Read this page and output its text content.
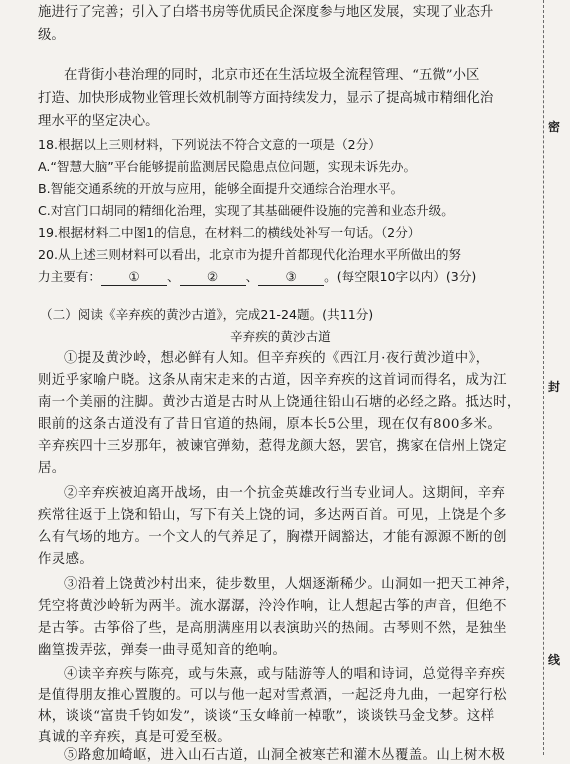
密
封
线
施进行了完善；引入了白塔书房等优质民企深度参与地区发展，实现了业态升
级。
在背街小巷治理的同时，北京市还在生活垃圾全流程管理、“五微”小区
打造、加快形成物业管理长效机制等方面持续发力，显示了提高城市精细化治
理水平的坚定决心。
18.根据以上三则材料，下列说法不符合文意的一项是（2分）
A.“智慧大脑”平台能够提前监测居民隐患点位问题，实现未诉先办。
B.智能交通系统的开放与应用，能够全面提升交通综合治理水平。
C.对宫门口胡同的精细化治理，实现了其基础硬件设施的完善和业态升级。
19.根据材料二中图1的信息，在材料二的横线处补写一句话。（2分）
20.从上述三则材料可以看出，北京市为提升首都现代化治理水平所做出的努
力主要有： ① 、 ② 、 ③ 。(每空限10字以内）(3分)
（二）阅读《辛弃疾的黄沙古道》，完成21-24题。(共11分)
辛弃疾的黄沙古道
①提及黄沙岭，想必鲜有人知。但辛弃疾的《西江月·夜行黄沙道中》，
则近乎家喻户晓。这条从南宋走来的古道，因辛弃疾的这首词而得名，成为江
南一个美丽的注脚。黄沙古道是古时从上饶通往铅山石塘的必经之路。抵达时，
眼前的这条古道没有了昔日官道的热闹，原本长5公里，现在仅有800多米。
辛弃疾四十三岁那年，被谏官弹劾，惹得龙颜大怒，罢官，携家在信州上饶定
居。
②辛弃疾被迫离开战场，由一个抗金英雄改行当专业词人。这期间，辛弃
疾常往返于上饶和铅山，写下有关上饶的词，多达两百首。可见，上饶是个多
么有气场的地方。一个文人的气养足了，胸襟开阔豁达，才能有源源不断的创
作灵感。
③沿着上饶黄沙村出来，徒步数里，人烟逐渐稀少。山洞如一把天工神斧，
凭空将黄沙岭斩为两半。流水潺潺，泠泠作响，让人想起古筝的声音，但绝不
是古筝。古筝俗了些，是高朋满座用以表演助兴的热闹。古琴则不然，是独坐
幽篁拨弄弦，弹奏一曲寻觅知音的绝响。
④读辛弃疾与陈亮，或与朱熹，或与陆游等人的唱和诗词，总觉得辛弃疾
是值得朋友推心置腹的。可以与他一起对雪煮酒，一起泛舟九曲，一起穿行松
林，谈谈“富贵千钧如发”，谈谈“玉女峰前一棹歌”，谈谈铁马金戈梦。这样
真诚的辛弃疾，真是可爱至极。
⑤路愈加崎岖，进入山石古道，山洞全被寒芒和灌木丛覆盖。山上树木极
